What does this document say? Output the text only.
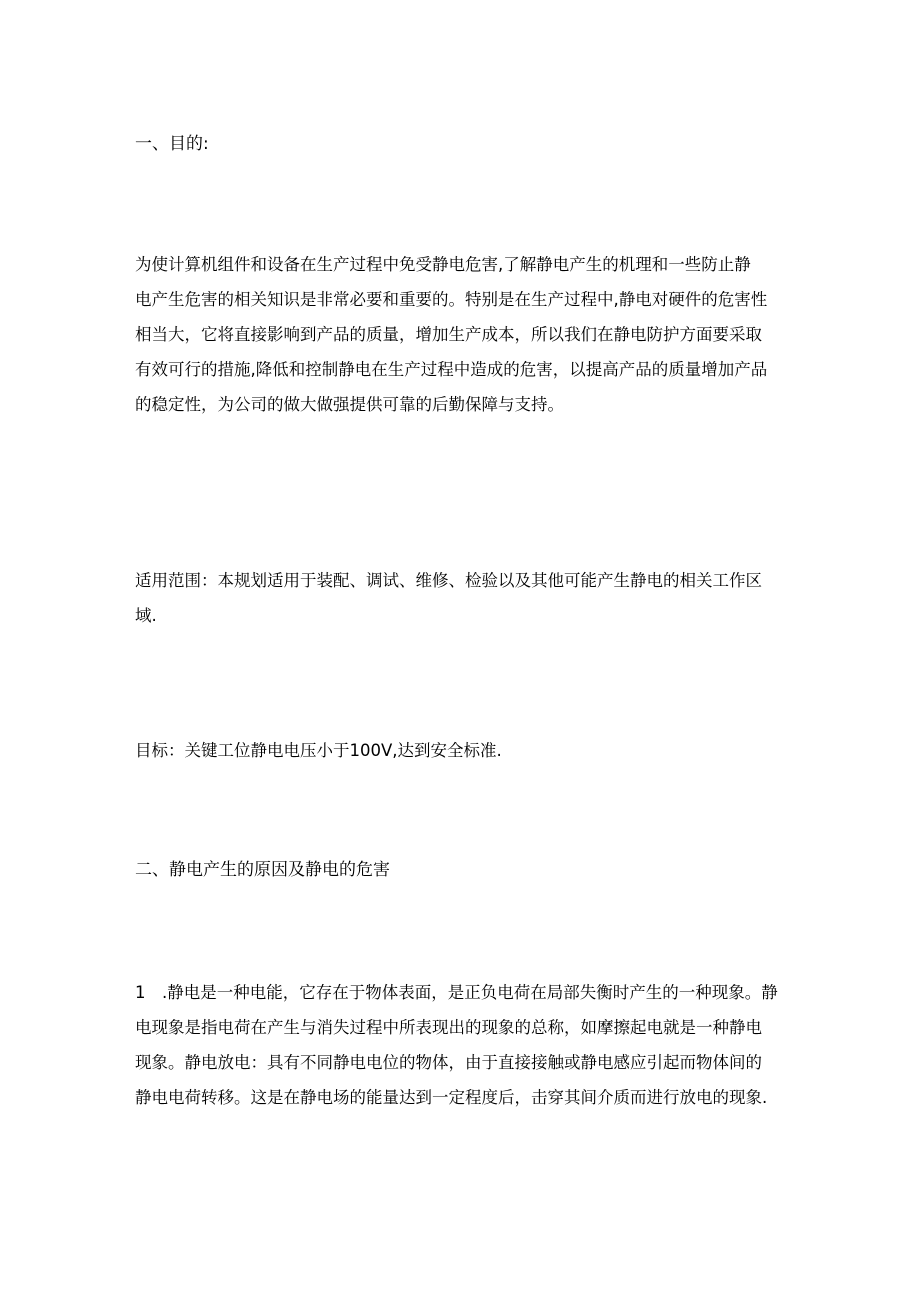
一、目的:
为使计算机组件和设备在生产过程中免受静电危害,了解静电产生的机理和一些防止静
电产生危害的相关知识是非常必要和重要的。特别是在生产过程中,静电对硬件的危害性
相当大，它将直接影响到产品的质量，增加生产成本，所以我们在静电防护方面要采取
有效可行的措施,降低和控制静电在生产过程中造成的危害，以提高产品的质量增加产品
的稳定性，为公司的做大做强提供可靠的后勤保障与支持。
适用范围：本规划适用于装配、调试、维修、检验以及其他可能产生静电的相关工作区
域.
目标：关键工位静电电压小于100V,达到安全标准.
二、静电产生的原因及静电的危害
1　.静电是一种电能，它存在于物体表面，是正负电荷在局部失衡时产生的一种现象。静
电现象是指电荷在产生与消失过程中所表现出的现象的总称，如摩擦起电就是一种静电
现象。静电放电：具有不同静电电位的物体，由于直接接触或静电感应引起而物体间的
静电电荷转移。这是在静电场的能量达到一定程度后，击穿其间介质而进行放电的现象.
